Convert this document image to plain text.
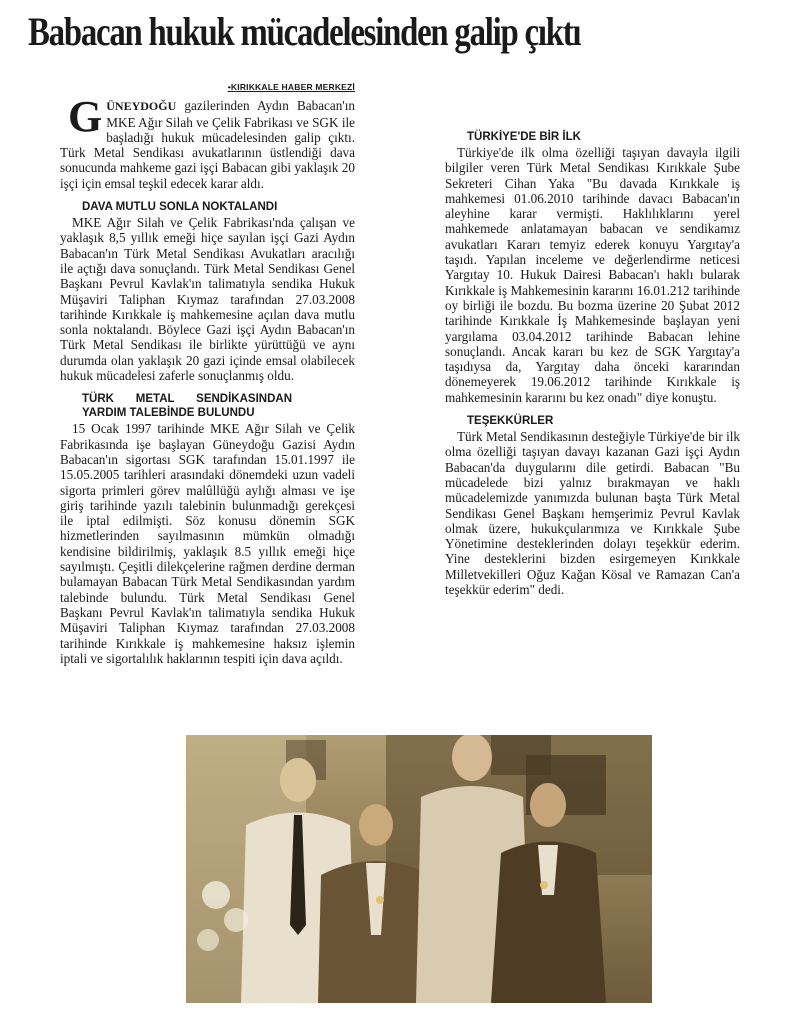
Babacan hukuk mücadelesinden galip çıktı
•KIRIKKALE HABER MERKEZİ

GÜNEYDOĞU gazilerinden Aydın Babacan'ın MKE Ağır Silah ve Çelik Fabrikası ve SGK ile başladığı hukuk mücadelesinden galip çıktı. Türk Metal Sendikası avukatlarının üstlendiği dava sonucunda mahkeme gazi işçi Babacan gibi yaklaşık 20 işçi için emsal teşkil edecek karar aldı.

DAVA MUTLU SONLA NOKTALANDI

MKE Ağır Silah ve Çelik Fabrikası'nda çalışan ve yaklaşık 8,5 yıllık emeği hiçe sayılan işçi Gazi Aydın Babacan'ın Türk Metal Sendikası Avukatları aracılığı ile açtığı dava sonuçlandı. Türk Metal Sendikası Genel Başkanı Pevrul Kavlak'ın talimatıyla sendika Hukuk Müşaviri Taliphan Kıymaz tarafından 27.03.2008 tarihinde Kırıkkale iş mahkemesine açılan dava mutlu sonla noktalandı. Böylece Gazi işçi Aydın Babacan'ın Türk Metal Sendikası ile birlikte yürüttüğü ve aynı durumda olan yaklaşık 20 gazi içinde emsal olabilecek hukuk mücadelesi zaferle sonuçlanmış oldu.

TÜRK METAL SENDİKASINDAN YARDIM TALEBİNDE BULUNDU

15 Ocak 1997 tarihinde MKE Ağır Silah ve Çelik Fabrikasında işe başlayan Güneydoğu Gazisi Aydın Babacan'ın sigortası SGK tarafından 15.01.1997 ile 15.05.2005 tarihleri arasındaki dönemdeki uzun vadeli sigorta primleri görev malûllüğü aylığı alması ve işe giriş tarihinde yazılı talebinin bulunmadığı gerekçesi ile iptal edilmişti. Söz konusu dönemin SGK hizmetlerinden sayılmasının mümkün olmadığı kendisine bildirilmiş, yaklaşık 8.5 yıllık emeği hiçe sayılmıştı. Çeşitli dilekçelerine rağmen derdine derman bulamayan Babacan Türk Metal Sendikasından yardım talebinde bulundu. Türk Metal Sendikası Genel Başkanı Pevrul Kavlak'ın talimatıyla sendika Hukuk Müşaviri Taliphan Kıymaz tarafından 27.03.2008 tarihinde Kırıkkale iş mahkemesine haksız işlemin iptali ve sigortalılık haklarının tespiti için dava açıldı.

TÜRKİYE'DE BİR İLK

Türkiye'de ilk olma özelliği taşıyan davayla ilgili bilgiler veren Türk Metal Sendikası Kırıkkale Şube Sekreteri Cihan Yaka "Bu davada Kırıkkale iş mahkemesi 01.06.2010 tarihinde davacı Babacan'ın aleyhine karar vermişti. Haklılıklarını yerel mahkemede anlatamayan babacan ve sendikamız avukatları Kararı temyiz ederek konuyu Yargıtay'a taşıdı. Yapılan inceleme ve değerlendirme neticesi Yargıtay 10. Hukuk Dairesi Babacan'ı haklı bularak Kırıkkale iş Mahkemesinin kararını 16.01.212 tarihinde oy birliği ile bozdu. Bu bozma üzerine 20 Şubat 2012 tarihinde Kırıkkale İş Mahkemesinde başlayan yeni yargılama 03.04.2012 tarihinde Babacan lehine sonuçlandı. Ancak kararı bu kez de SGK Yargıtay'a taşıdıysa da, Yargıtay daha önceki kararından dönemeyerek 19.06.2012 tarihinde Kırıkkale iş mahkemesinin kararını bu kez onadı" diye konuştu.

TEŞEKKÜRLER

Türk Metal Sendikasının desteğiyle Türkiye'de bir ilk olma özelliği taşıyan davayı kazanan Gazi işçi Aydın Babacan'da duygularını dile getirdi. Babacan "Bu mücadelede bizi yalnız bırakmayan ve haklı mücadelemizde yanımızda bulunan başta Türk Metal Sendikası Genel Başkanı hemşerimiz Pevrul Kavlak olmak üzere, hukukçularımıza ve Kırıkkale Şube Yönetimine desteklerinden dolayı teşekkür ederim. Yine desteklerini bizden esirgemeyen Kırıkkale Milletvekilleri Oğuz Kağan Kösal ve Ramazan Can'a teşekkür ederim" dedi.
